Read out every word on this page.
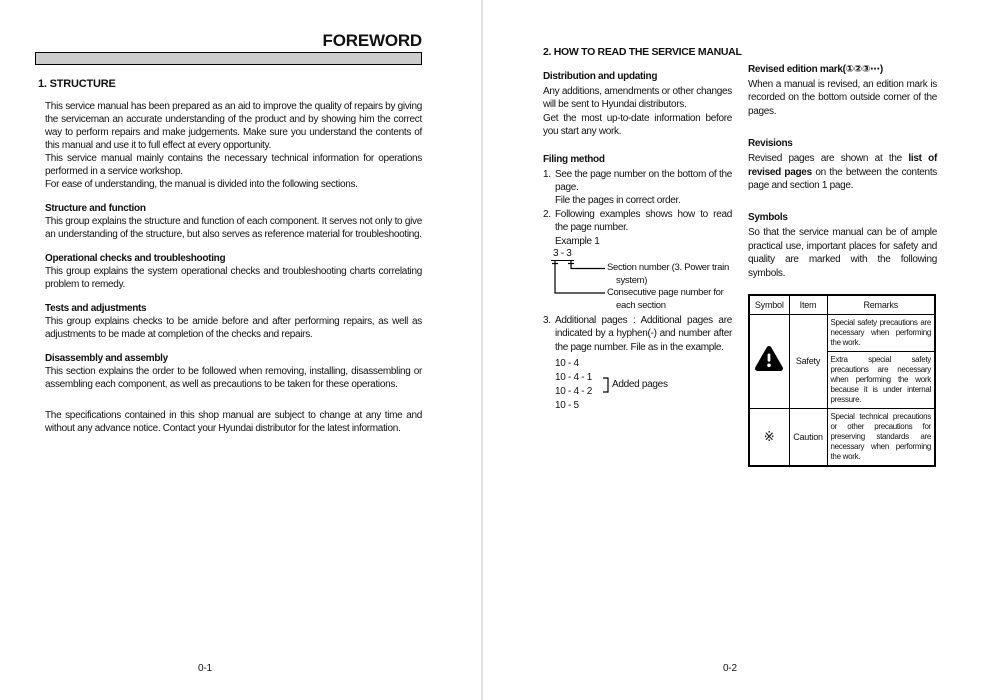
FOREWORD
1. STRUCTURE

This service manual has been prepared as an aid to improve the quality of repairs by giving the serviceman an accurate understanding of the product and by showing him the correct way to perform repairs and make judgements. Make sure you understand the contents of this manual and use it to full effect at every opportunity.

This service manual mainly contains the necessary technical information for operations performed in a service workshop.

For ease of understanding, the manual is divided into the following sections.

Structure and function

This group explains the structure and function of each component. It serves not only to give an understanding of the structure, but also serves as reference material for troubleshooting.

Operational checks and troubleshooting

This group explains the system operational checks and troubleshooting charts correlating problem to remedy.

Tests and adjustments

This group explains checks to be amide before and after performing repairs, as well as adjustments to be made at completion of the checks and repairs.

Disassembly and assembly

This section explains the order to be followed when removing, installing, disassembling or assembling each component, as well as precautions to be taken for these operations.

The specifications contained in this shop manual are subject to change at any time and without any advance notice. Contact your Hyundai distributor for the latest information.

0-1
2. HOW TO READ THE SERVICE MANUAL
Distribution and updating

Any additions, amendments or other changes will be sent to Hyundai distributors.

Get the most up-to-date information before you start any work.

Filing method
1. See the page number on the bottom of the page.

File the pages in correct order.

2. Following examples shows how to read the page number.

Example 1

3 - 3
Section number (3. Power train
system)
Consecutive page number for
each section
3. Additional pages : Additional pages are indicated by a hyphen(-) and number after the page number. File as in the example.

10 - 4
10 - 4 - 1
10 - 4 - 2
10 - 5
Added pages
Revised edition mark(①②③⋯)

When a manual is revised, an edition mark is recorded on the bottom outside corner of the pages.

Revisions

Revised pages are shown at the list of revised pages on the between the contents page and section 1 page.

Symbols

So that the service manual can be of ample practical use, important places for safety and quality are marked with the following symbols.

Symbol	Item	Remarks
	Safety	Special safety precautions are necessary when performing the work.
		Extra special safety precautions are necessary when performing the work because it is under internal pressure.
※	Caution	Special technical precautions or other precautions for preserving standards are necessary when performing the work.
0-2
